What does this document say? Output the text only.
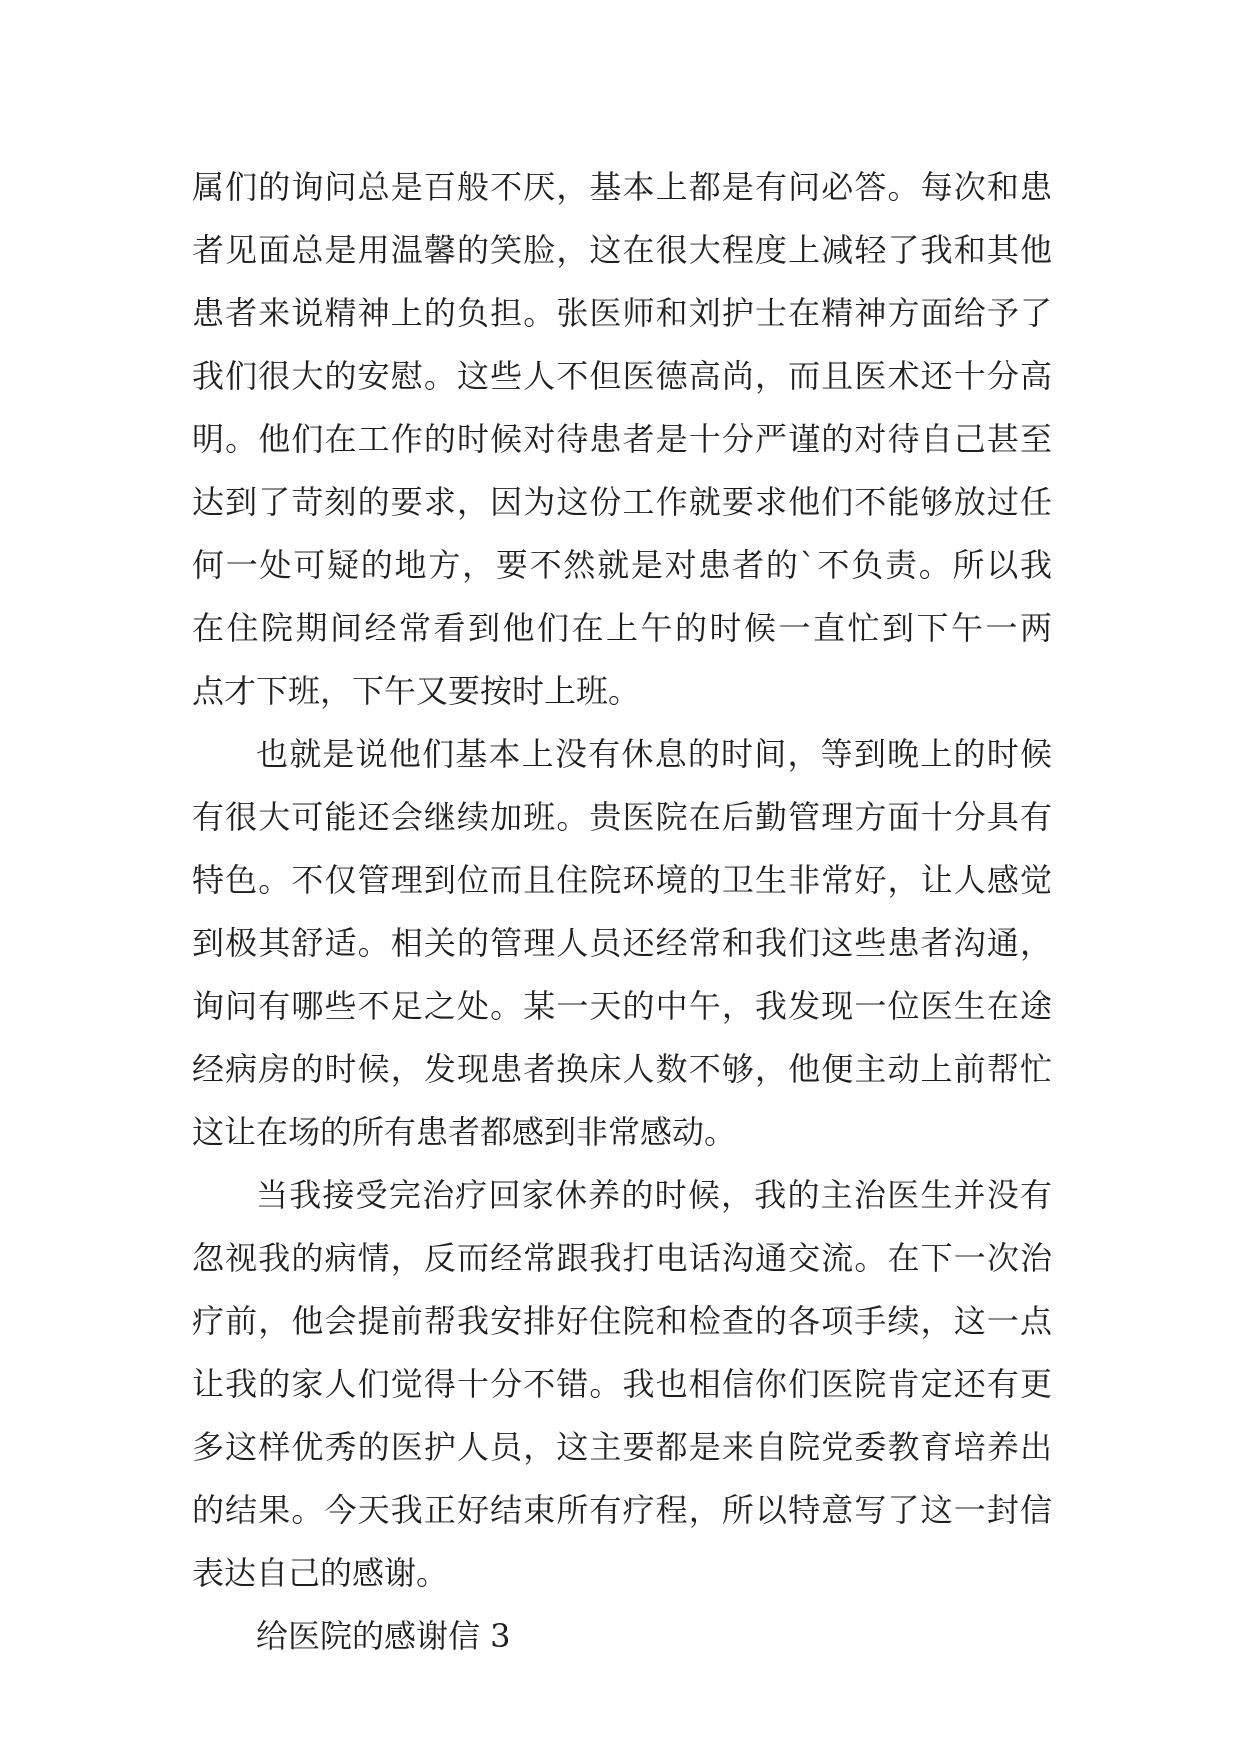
属们的询问总是百般不厌，基本上都是有问必答。每次和患
者见面总是用温馨的笑脸，这在很大程度上减轻了我和其他
患者来说精神上的负担。张医师和刘护士在精神方面给予了
我们很大的安慰。这些人不但医德高尚，而且医术还十分高
明。他们在工作的时候对待患者是十分严谨的对待自己甚至
达到了苛刻的要求，因为这份工作就要求他们不能够放过任
何一处可疑的地方，要不然就是对患者的`不负责。所以我
在住院期间经常看到他们在上午的时候一直忙到下午一两
点才下班，下午又要按时上班。
也就是说他们基本上没有休息的时间，等到晚上的时候
有很大可能还会继续加班。贵医院在后勤管理方面十分具有
特色。不仅管理到位而且住院环境的卫生非常好，让人感觉
到极其舒适。相关的管理人员还经常和我们这些患者沟通，
询问有哪些不足之处。某一天的中午，我发现一位医生在途
经病房的时候，发现患者换床人数不够，他便主动上前帮忙
这让在场的所有患者都感到非常感动。
当我接受完治疗回家休养的时候，我的主治医生并没有
忽视我的病情，反而经常跟我打电话沟通交流。在下一次治
疗前，他会提前帮我安排好住院和检查的各项手续，这一点
让我的家人们觉得十分不错。我也相信你们医院肯定还有更
多这样优秀的医护人员，这主要都是来自院党委教育培养出
的结果。今天我正好结束所有疗程，所以特意写了这一封信
表达自己的感谢。
给医院的感谢信 3
